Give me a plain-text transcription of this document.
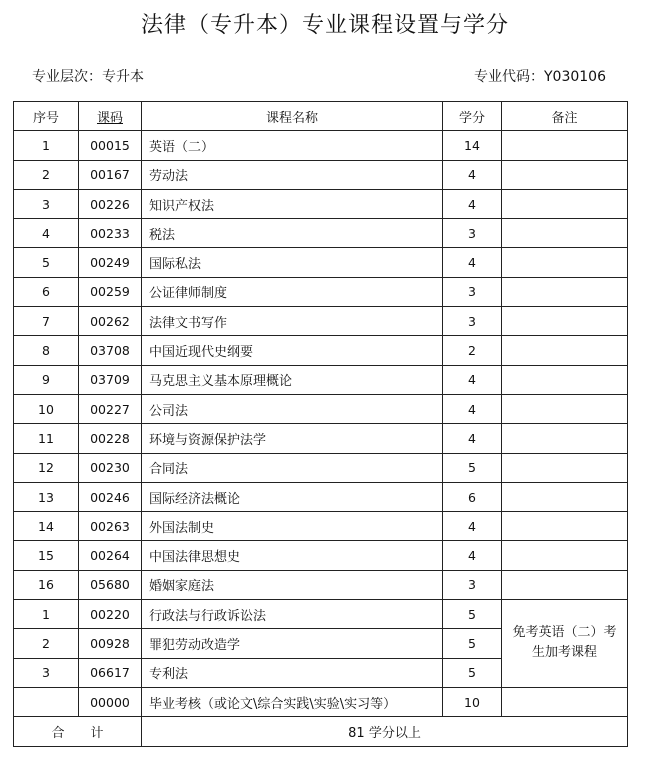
法律（专升本）专业课程设置与学分
专业层次：专升本	专业代码：Y030106
序号	课码	课程名称	学分	备注
1	00015	英语（二）	14	
2	00167	劳动法	4	
3	00226	知识产权法	4	
4	00233	税法	3	
5	00249	国际私法	4	
6	00259	公证律师制度	3	
7	00262	法律文书写作	3	
8	03708	中国近现代史纲要	2	
9	03709	马克思主义基本原理概论	4	
10	00227	公司法	4	
11	00228	环境与资源保护法学	4	
12	00230	合同法	5	
13	00246	国际经济法概论	6	
14	00263	外国法制史	4	
15	00264	中国法律思想史	4	
16	05680	婚姻家庭法	3	
1	00220	行政法与行政诉讼法	5	免考英语（二）考生加考课程
2	00928	罪犯劳动改造学	5	
3	06617	专利法	5	
	00000	毕业考核（或论文\综合实践\实验\实习等）	10	
合　　计		81 学分以上		
